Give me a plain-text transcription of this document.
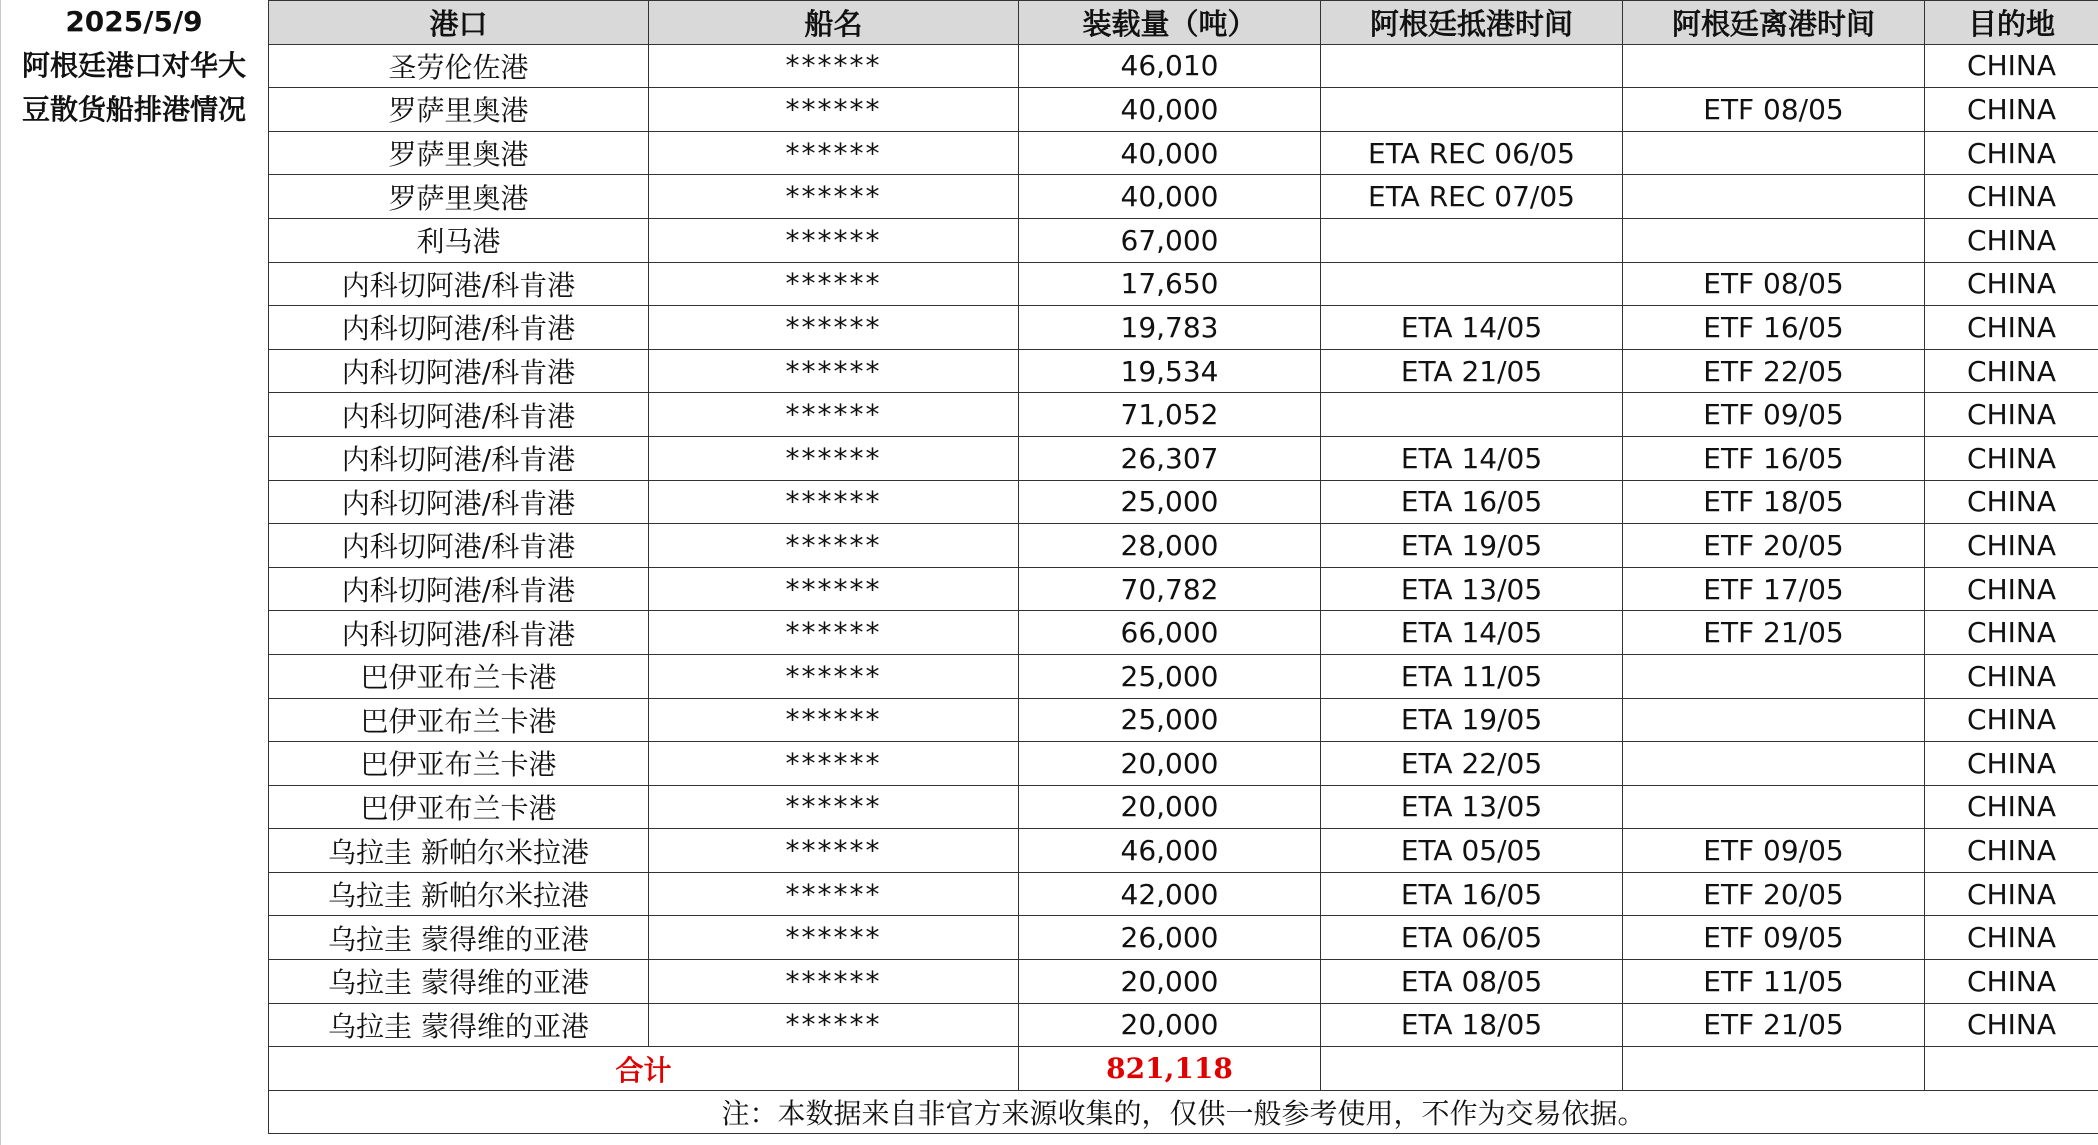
2025/5/9
阿根廷港口对华大
豆散货船排港情况
港口	船名	装载量（吨）	阿根廷抵港时间	阿根廷离港时间	目的地
圣劳伦佐港	******	46,010			CHINA
罗萨里奥港	******	40,000		ETF 08/05	CHINA
罗萨里奥港	******	40,000	ETA REC 06/05		CHINA
罗萨里奥港	******	40,000	ETA REC 07/05		CHINA
利马港	******	67,000			CHINA
内科切阿港/科肯港	******	17,650		ETF 08/05	CHINA
内科切阿港/科肯港	******	19,783	ETA 14/05	ETF 16/05	CHINA
内科切阿港/科肯港	******	19,534	ETA 21/05	ETF 22/05	CHINA
内科切阿港/科肯港	******	71,052		ETF 09/05	CHINA
内科切阿港/科肯港	******	26,307	ETA 14/05	ETF 16/05	CHINA
内科切阿港/科肯港	******	25,000	ETA 16/05	ETF 18/05	CHINA
内科切阿港/科肯港	******	28,000	ETA 19/05	ETF 20/05	CHINA
内科切阿港/科肯港	******	70,782	ETA 13/05	ETF 17/05	CHINA
内科切阿港/科肯港	******	66,000	ETA 14/05	ETF 21/05	CHINA
巴伊亚布兰卡港	******	25,000	ETA 11/05		CHINA
巴伊亚布兰卡港	******	25,000	ETA 19/05		CHINA
巴伊亚布兰卡港	******	20,000	ETA 22/05		CHINA
巴伊亚布兰卡港	******	20,000	ETA 13/05		CHINA
乌拉圭 新帕尔米拉港	******	46,000	ETA 05/05	ETF 09/05	CHINA
乌拉圭 新帕尔米拉港	******	42,000	ETA 16/05	ETF 20/05	CHINA
乌拉圭 蒙得维的亚港	******	26,000	ETA 06/05	ETF 09/05	CHINA
乌拉圭 蒙得维的亚港	******	20,000	ETA 08/05	ETF 11/05	CHINA
乌拉圭 蒙得维的亚港	******	20,000	ETA 18/05	ETF 21/05	CHINA
合计		821,118			
注：本数据来自非官方来源收集的，仅供一般参考使用，不作为交易依据。					
